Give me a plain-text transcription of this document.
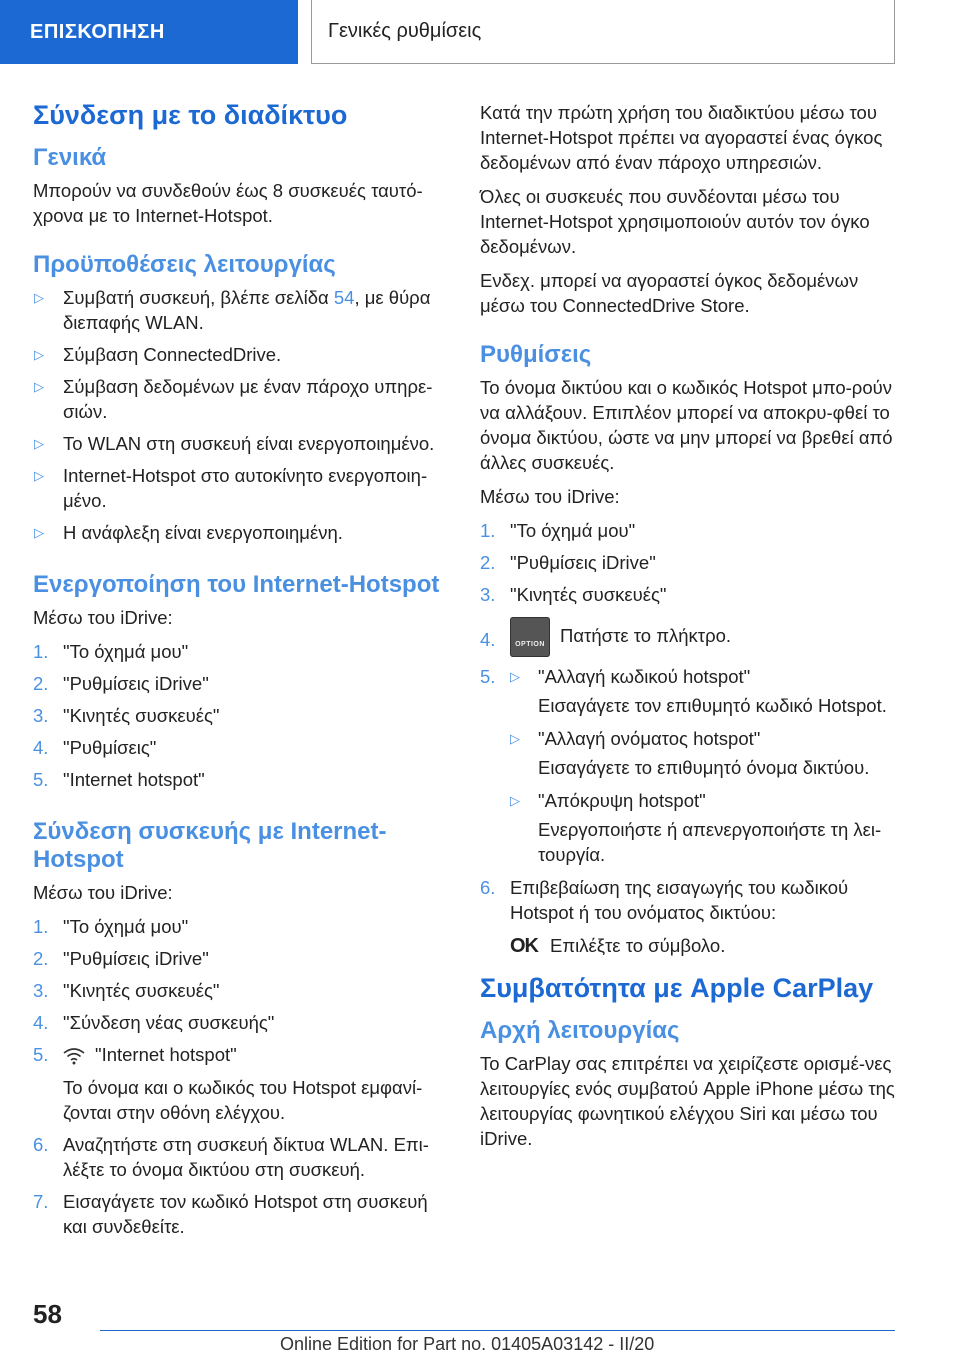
ΕΠΙΣΚΟΠΗΣΗ	Γενικές ρυθμίσεις
Σύνδεση με το διαδίκτυο
Γενικά

Μπορούν να συνδεθούν έως 8 συσκευές ταυτό-χρονα με το Internet-Hotspot.

Προϋποθέσεις λειτουργίας
▷ Συμβατή συσκευή, βλέπε σελίδα 54, με θύρα διεπαφής WLAN.
▷ Σύμβαση ConnectedDrive.
▷ Σύμβαση δεδομένων με έναν πάροχο υπηρε-σιών.
▷ Το WLAN στη συσκευή είναι ενεργοποιημένο.
▷ Internet-Hotspot στο αυτοκίνητο ενεργοποιη-μένο.
▷ Η ανάφλεξη είναι ενεργοποιημένη.
Ενεργοποίηση του Internet-Hotspot

Μέσω του iDrive:

1. "Το όχημά μου"
2. "Ρυθμίσεις iDrive"
3. "Κινητές συσκευές"
4. "Ρυθμίσεις"
5. "Internet hotspot"
Σύνδεση συσκευής με Internet-Hotspot

Μέσω του iDrive:

1. "Το όχημά μου"
2. "Ρυθμίσεις iDrive"
3. "Κινητές συσκευές"
4. "Σύνδεση νέας συσκευής"
5.	"Internet hotspot"
Το όνομα και ο κωδικός του Hotspot εμφανί-ζονται στην οθόνη ελέγχου.
6. Αναζητήστε στη συσκευή δίκτυα WLAN. Επι-λέξτε το όνομα δικτύου στη συσκευή.
7. Εισαγάγετε τον κωδικό Hotspot στη συσκευή και συνδεθείτε.

Κατά την πρώτη χρήση του διαδικτύου μέσω του Internet-Hotspot πρέπει να αγοραστεί ένας όγκος δεδομένων από έναν πάροχο υπηρεσιών.

Όλες οι συσκευές που συνδέονται μέσω του Internet-Hotspot χρησιμοποιούν αυτόν τον όγκο δεδομένων.

Ενδεχ. μπορεί να αγοραστεί όγκος δεδομένων μέσω του ConnectedDrive Store.

Ρυθμίσεις

Το όνομα δικτύου και ο κωδικός Hotspot μπο-ρούν να αλλάξουν. Επιπλέον μπορεί να αποκρυ-φθεί το όνομα δικτύου, ώστε να μην μπορεί να βρεθεί από άλλες συσκευές.

Μέσω του iDrive:

1. "Το όχημά μου"
2. "Ρυθμίσεις iDrive"
3. "Κινητές συσκευές"
4.	OPTION Πατήστε το πλήκτρο.
5. ▷ "Αλλαγή κωδικού hotspot"
Εισαγάγετε τον επιθυμητό κωδικό Hotspot.
▷ "Αλλαγή ονόματος hotspot"
Εισαγάγετε το επιθυμητό όνομα δικτύου.
▷ "Απόκρυψη hotspot"
Ενεργοποιήστε ή απενεργοποιήστε τη λει-τουργία.
6. Επιβεβαίωση της εισαγωγής του κωδικού Hotspot ή του ονόματος δικτύου:
OK Επιλέξτε το σύμβολο.
Συμβατότητα με Apple CarPlay
Αρχή λειτουργίας

Το CarPlay σας επιτρέπει να χειρίζεστε ορισμέ-νες λειτουργίες ενός συμβατού Apple iPhone μέσω της λειτουργίας φωνητικού ελέγχου Siri και μέσω του iDrive.

58
Online Edition for Part no. 01405A03142 - II/20
